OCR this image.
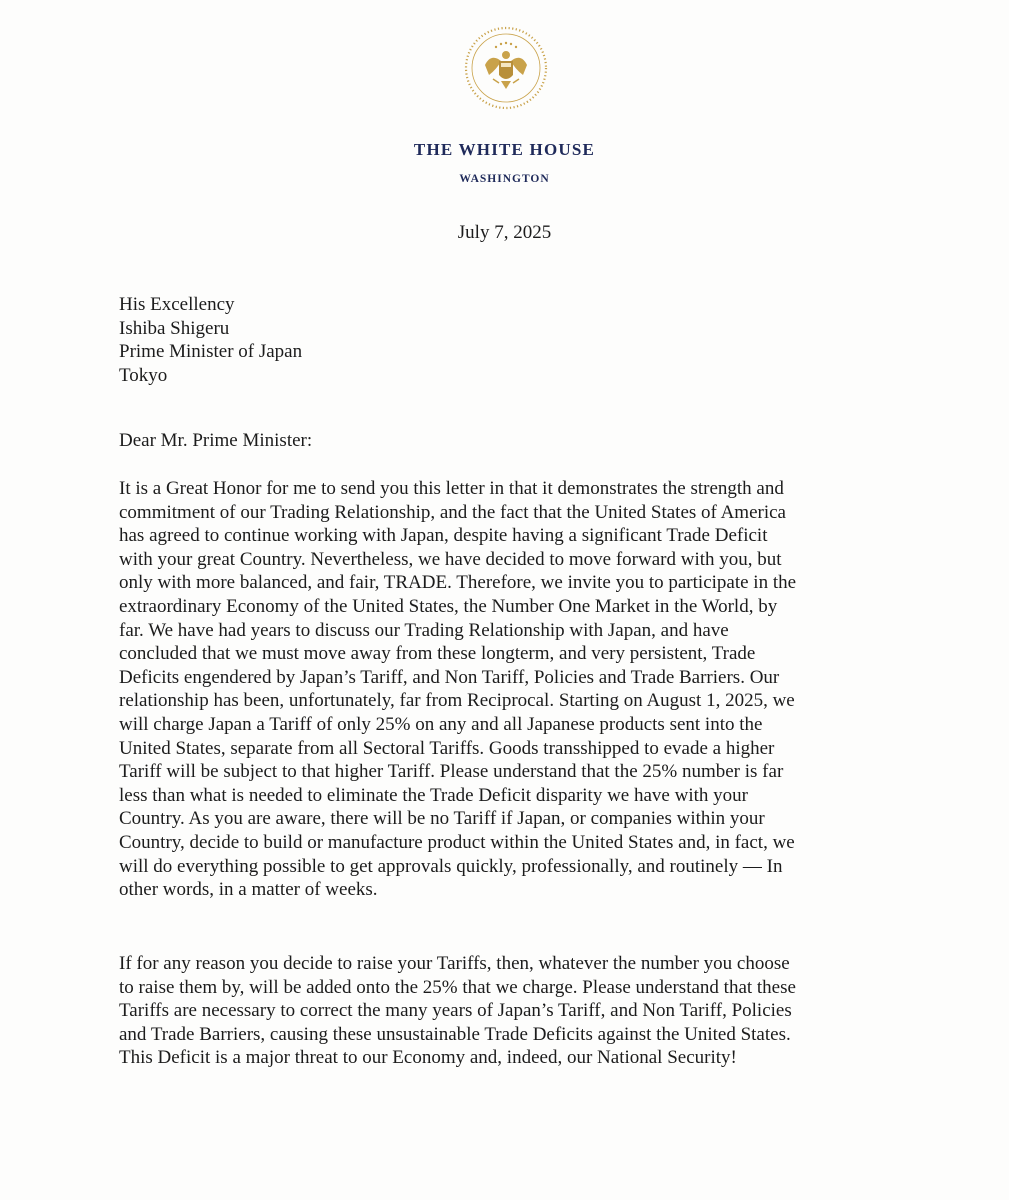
THE WHITE HOUSE
WASHINGTON
July 7, 2025
His Excellency
Ishiba Shigeru
Prime Minister of Japan
Tokyo
Dear Mr. Prime Minister:
It is a Great Honor for me to send you this letter in that it demonstrates the strength and
commitment of our Trading Relationship, and the fact that the United States of America
has agreed to continue working with Japan, despite having a significant Trade Deficit
with your great Country. Nevertheless, we have decided to move forward with you, but
only with more balanced, and fair, TRADE. Therefore, we invite you to participate in the
extraordinary Economy of the United States, the Number One Market in the World, by
far. We have had years to discuss our Trading Relationship with Japan, and have
concluded that we must move away from these longterm, and very persistent, Trade
Deficits engendered by Japan’s Tariff, and Non Tariff, Policies and Trade Barriers. Our
relationship has been, unfortunately, far from Reciprocal. Starting on August 1, 2025, we
will charge Japan a Tariff of only 25% on any and all Japanese products sent into the
United States, separate from all Sectoral Tariffs. Goods transshipped to evade a higher
Tariff will be subject to that higher Tariff. Please understand that the 25% number is far
less than what is needed to eliminate the Trade Deficit disparity we have with your
Country. As you are aware, there will be no Tariff if Japan, or companies within your
Country, decide to build or manufacture product within the United States and, in fact, we
will do everything possible to get approvals quickly, professionally, and routinely — In
other words, in a matter of weeks.
If for any reason you decide to raise your Tariffs, then, whatever the number you choose
to raise them by, will be added onto the 25% that we charge. Please understand that these
Tariffs are necessary to correct the many years of Japan’s Tariff, and Non Tariff, Policies
and Trade Barriers, causing these unsustainable Trade Deficits against the United States.
This Deficit is a major threat to our Economy and, indeed, our National Security!
